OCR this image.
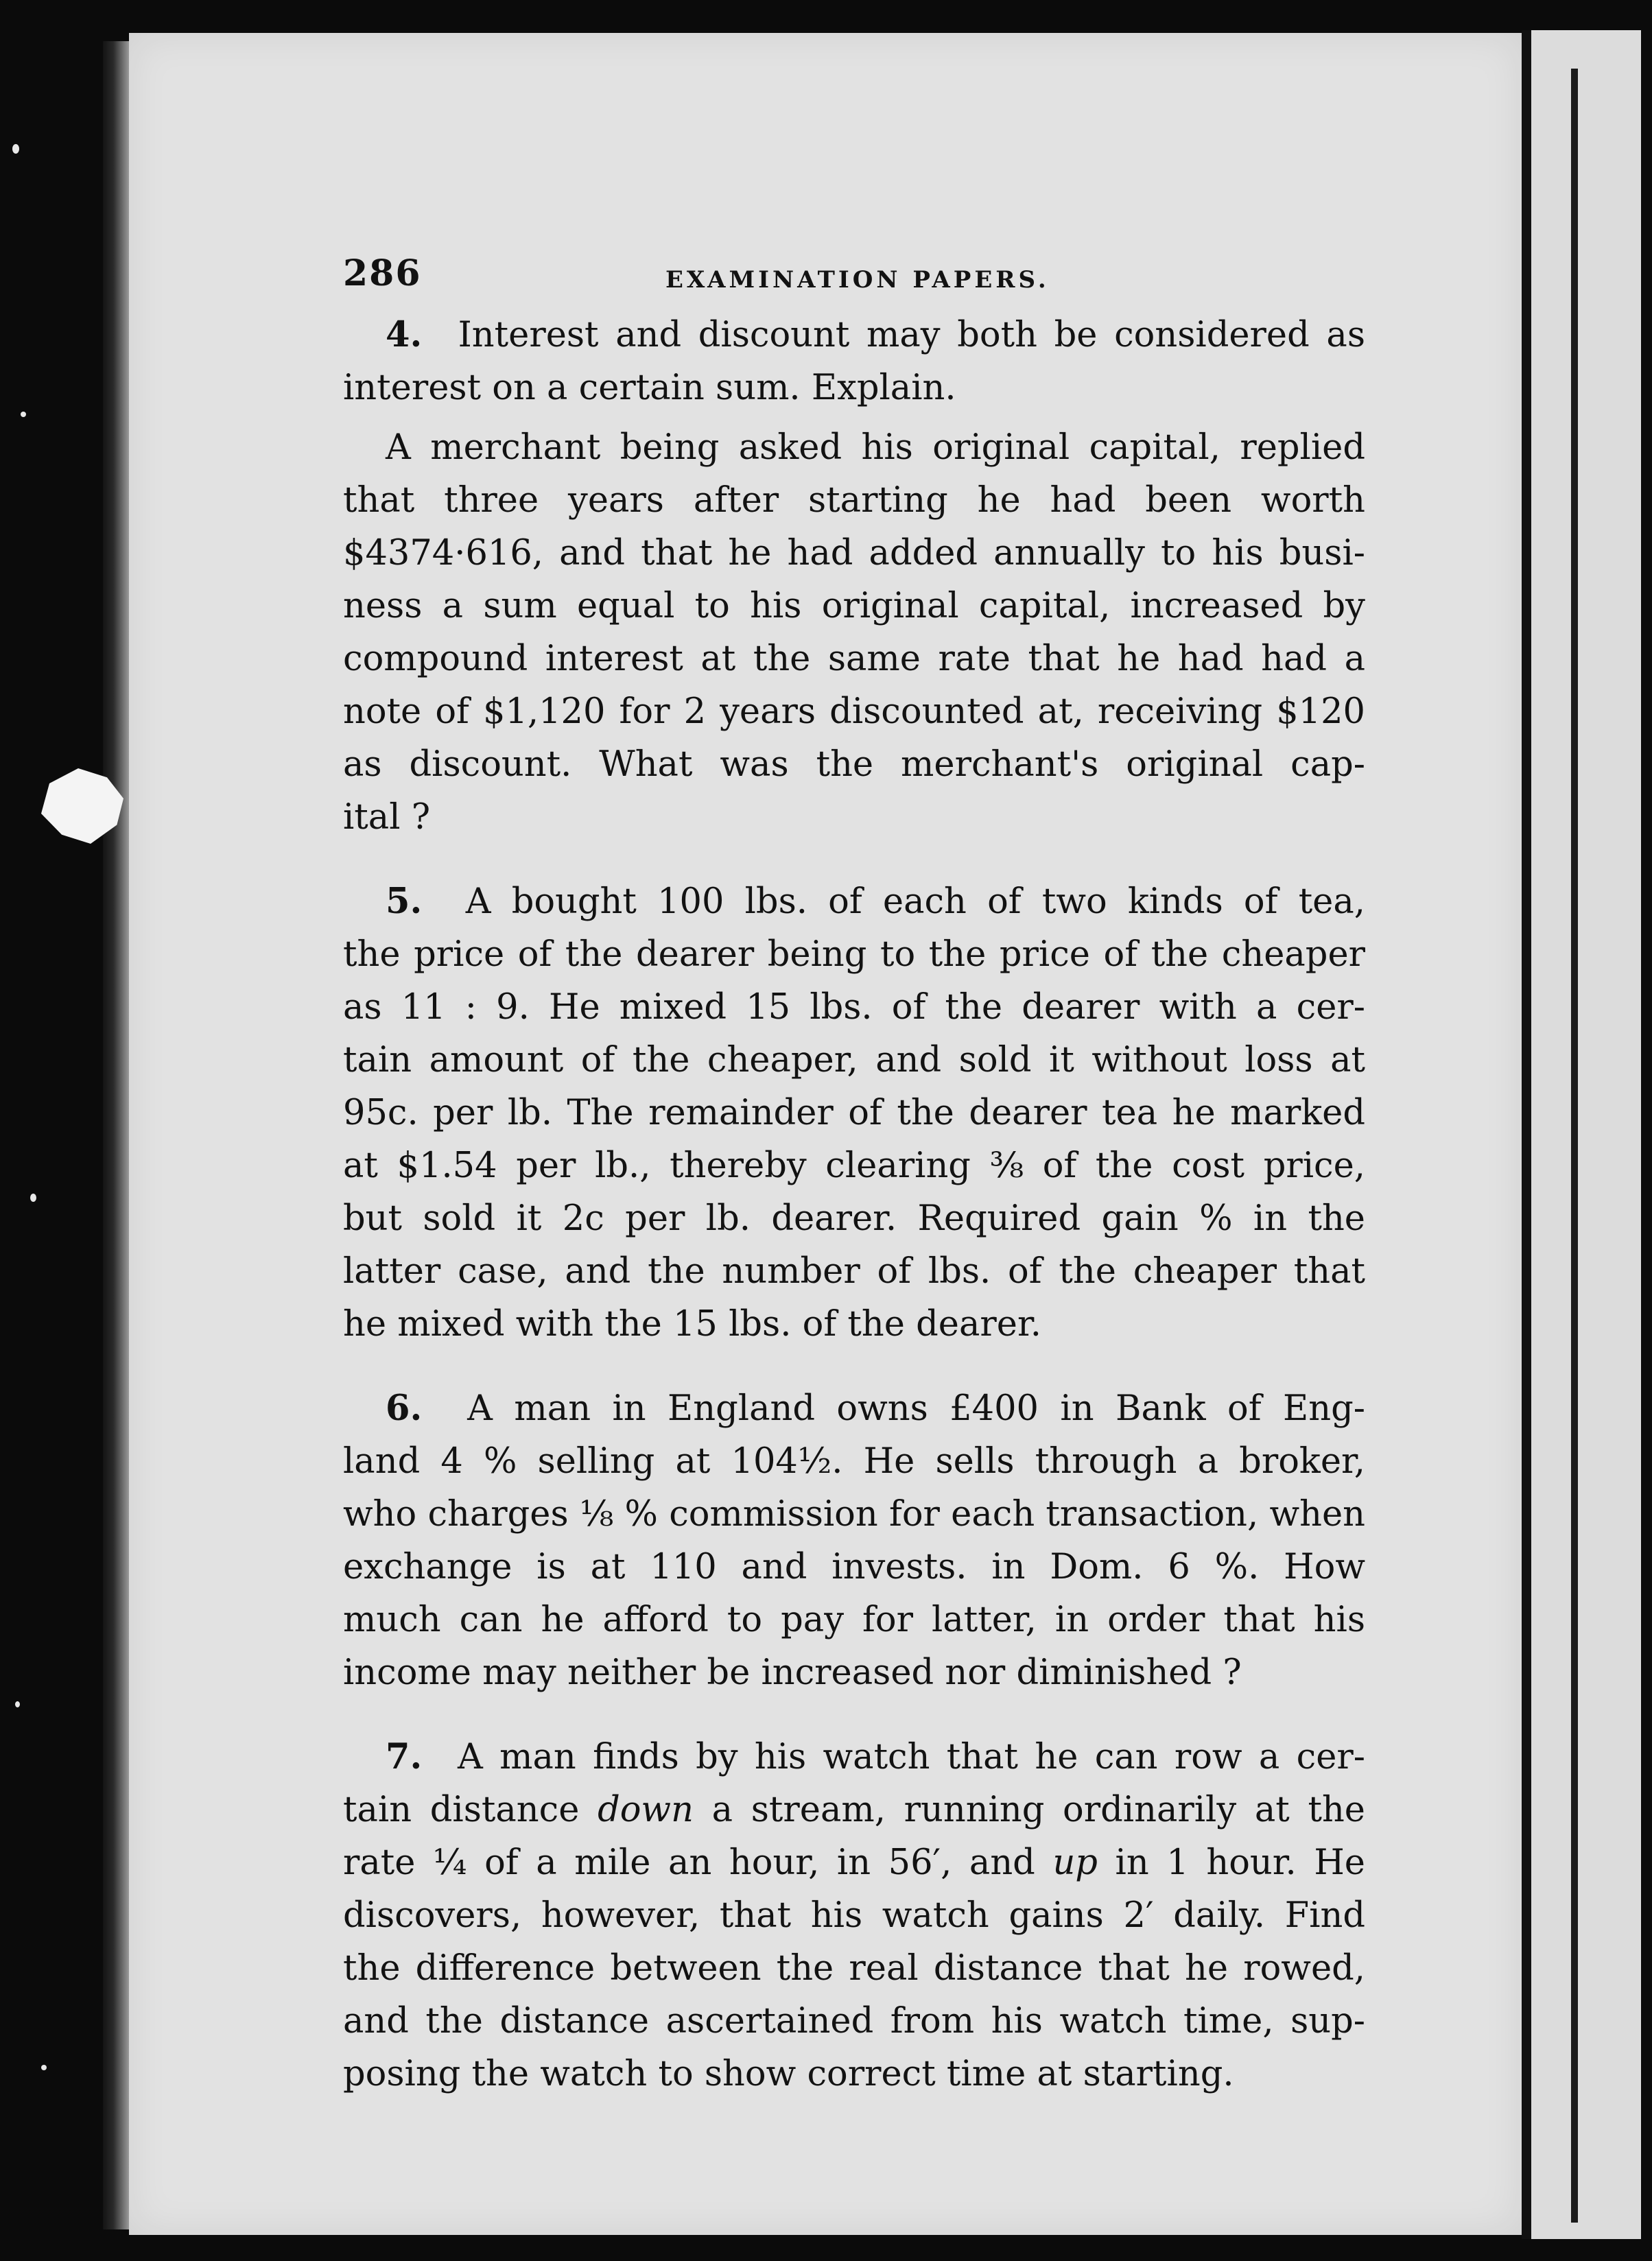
286	EXAMINATION PAPERS.
4.  Interest and discount may both be considered as
interest on a certain sum. Explain.
A merchant being asked his original capital, replied
that three years after starting he had been worth
$4374·616, and that he had added annually to his busi-
ness a sum equal to his original capital, increased by
compound interest at the same rate that he had had a
note of $1,120 for 2 years discounted at, receiving $120
as discount. What was the merchant's original cap-
ital ?
5.  A bought 100 lbs. of each of two kinds of tea,
the price of the dearer being to the price of the cheaper
as 11 : 9. He mixed 15 lbs. of the dearer with a cer-
tain amount of the cheaper, and sold it without loss at
95c. per lb. The remainder of the dearer tea he marked
at $1.54 per lb., thereby clearing ⅜ of the cost price,
but sold it 2c per lb. dearer. Required gain % in the
latter case, and the number of lbs. of the cheaper that
he mixed with the 15 lbs. of the dearer.
6.  A man in England owns £400 in Bank of Eng-
land 4 % selling at 104½. He sells through a broker,
who charges ⅛ % commission for each transaction, when
exchange is at 110 and invests. in Dom. 6 %. How
much can he afford to pay for latter, in order that his
income may neither be increased nor diminished ?
7.  A man finds by his watch that he can row a cer-
tain distance down a stream, running ordinarily at the
rate ¼ of a mile an hour, in 56′, and up in 1 hour. He
discovers, however, that his watch gains 2′ daily. Find
the difference between the real distance that he rowed,
and the distance ascertained from his watch time, sup-
posing the watch to show correct time at starting.
